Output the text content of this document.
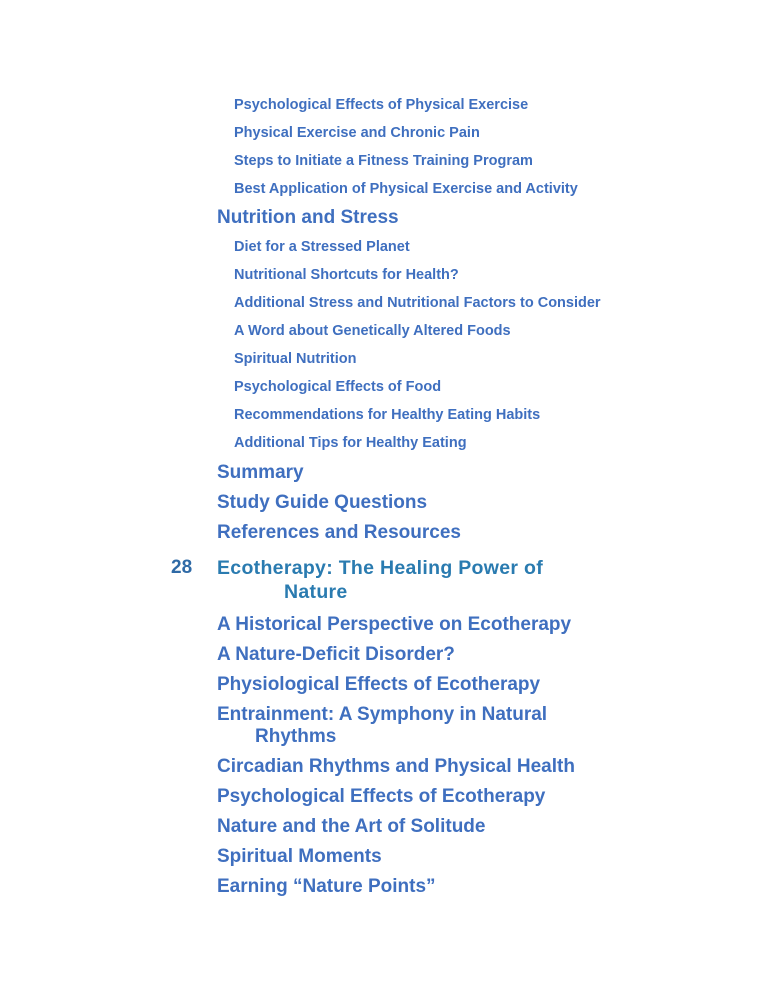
Psychological Effects of Physical Exercise

Physical Exercise and Chronic Pain

Steps to Initiate a Fitness Training Program

Best Application of Physical Exercise and Activity

Nutrition and Stress

Diet for a Stressed Planet

Nutritional Shortcuts for Health?

Additional Stress and Nutritional Factors to Consider

A Word about Genetically Altered Foods

Spiritual Nutrition

Psychological Effects of Food

Recommendations for Healthy Eating Habits

Additional Tips for Healthy Eating

Summary

Study Guide Questions

References and Resources

28 Ecotherapy: The Healing Power of
Nature

A Historical Perspective on Ecotherapy

A Nature-Deficit Disorder?

Physiological Effects of Ecotherapy

Entrainment: A Symphony in Natural
Rhythms

Circadian Rhythms and Physical Health

Psychological Effects of Ecotherapy

Nature and the Art of Solitude

Spiritual Moments

Earning “Nature Points”
